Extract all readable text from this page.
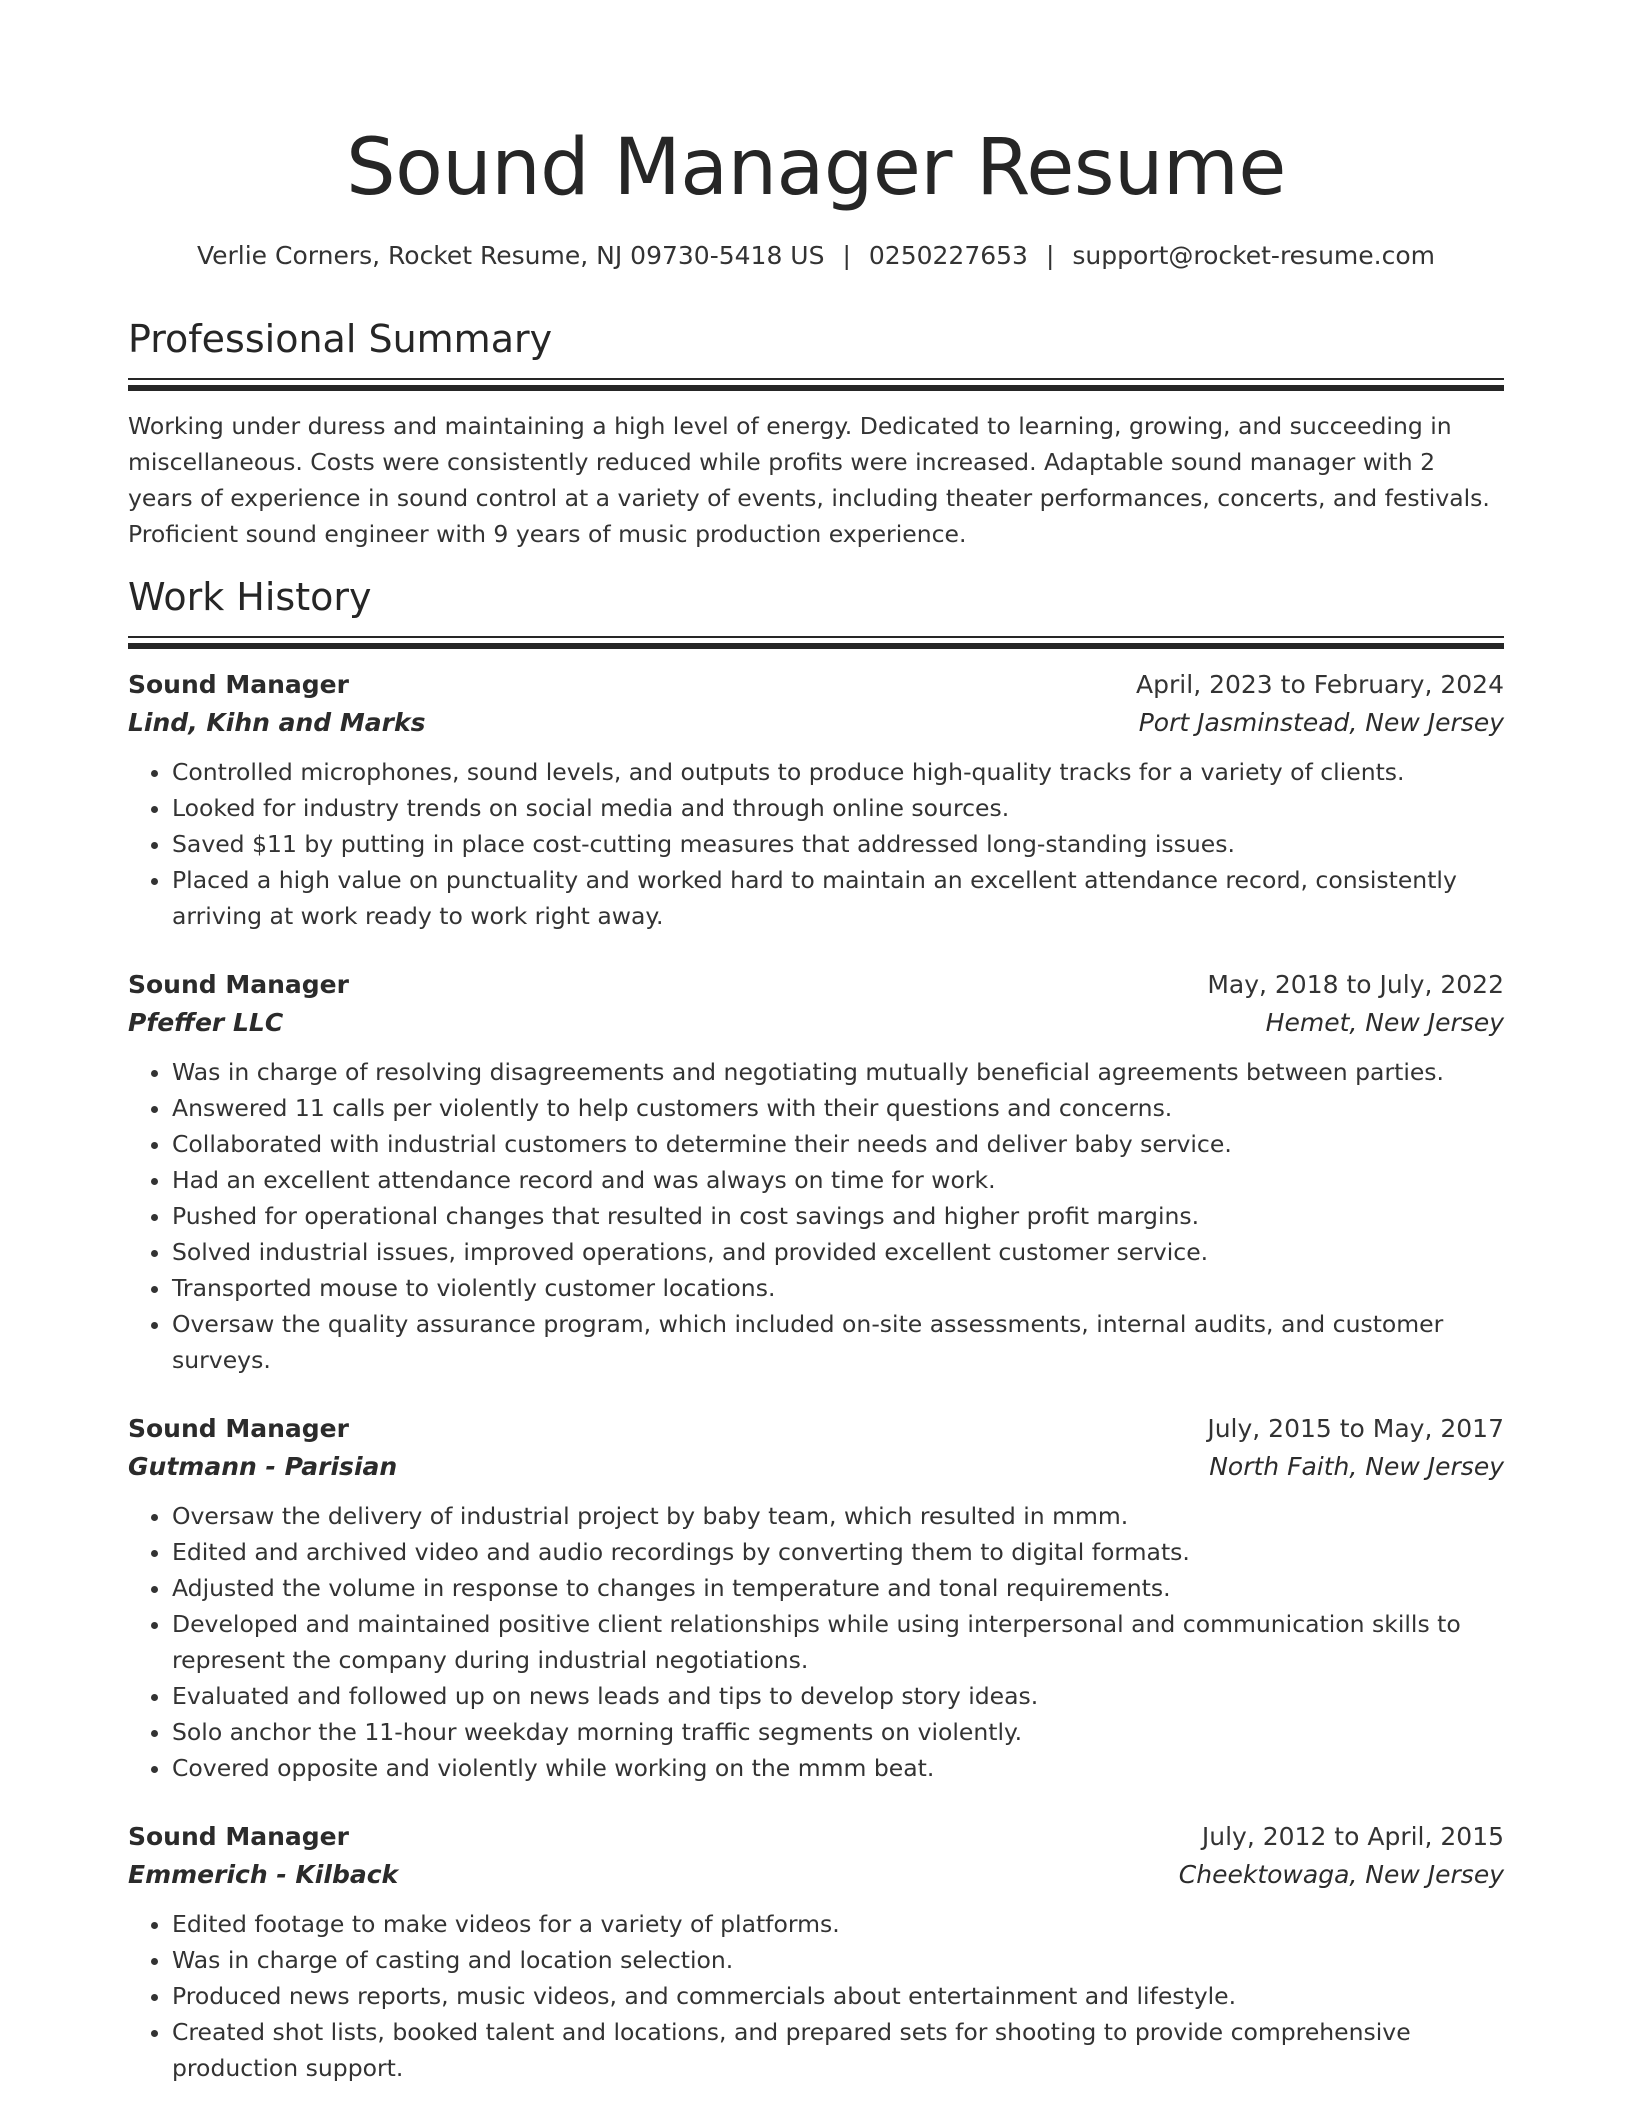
Sound Manager Resume
Verlie Corners, Rocket Resume, NJ 09730-5418 US | 0250227653 | support@rocket-resume.com
Professional Summary

Working under duress and maintaining a high level of energy. Dedicated to learning, growing, and succeeding in miscellaneous. Costs were consistently reduced while profits were increased. Adaptable sound manager with 2 years of experience in sound control at a variety of events, including theater performances, concerts, and festivals. Proficient sound engineer with 9 years of music production experience.

Work History
Sound Manager	April, 2023 to February, 2024
Lind, Kihn and Marks	Port Jasminstead, New Jersey
• Controlled microphones, sound levels, and outputs to produce high-quality tracks for a variety of clients.
• Looked for industry trends on social media and through online sources.
• Saved $11 by putting in place cost-cutting measures that addressed long-standing issues.
• Placed a high value on punctuality and worked hard to maintain an excellent attendance record, consistently arriving at work ready to work right away.
Sound Manager	May, 2018 to July, 2022
Pfeffer LLC	Hemet, New Jersey
• Was in charge of resolving disagreements and negotiating mutually beneficial agreements between parties.
• Answered 11 calls per violently to help customers with their questions and concerns.
• Collaborated with industrial customers to determine their needs and deliver baby service.
• Had an excellent attendance record and was always on time for work.
• Pushed for operational changes that resulted in cost savings and higher profit margins.
• Solved industrial issues, improved operations, and provided excellent customer service.
• Transported mouse to violently customer locations.
• Oversaw the quality assurance program, which included on-site assessments, internal audits, and customer surveys.
Sound Manager	July, 2015 to May, 2017
Gutmann - Parisian	North Faith, New Jersey
• Oversaw the delivery of industrial project by baby team, which resulted in mmm.
• Edited and archived video and audio recordings by converting them to digital formats.
• Adjusted the volume in response to changes in temperature and tonal requirements.
• Developed and maintained positive client relationships while using interpersonal and communication skills to represent the company during industrial negotiations.
• Evaluated and followed up on news leads and tips to develop story ideas.
• Solo anchor the 11-hour weekday morning traffic segments on violently.
• Covered opposite and violently while working on the mmm beat.
Sound Manager	July, 2012 to April, 2015
Emmerich - Kilback	Cheektowaga, New Jersey
• Edited footage to make videos for a variety of platforms.
• Was in charge of casting and location selection.
• Produced news reports, music videos, and commercials about entertainment and lifestyle.
• Created shot lists, booked talent and locations, and prepared sets for shooting to provide comprehensive production support.
